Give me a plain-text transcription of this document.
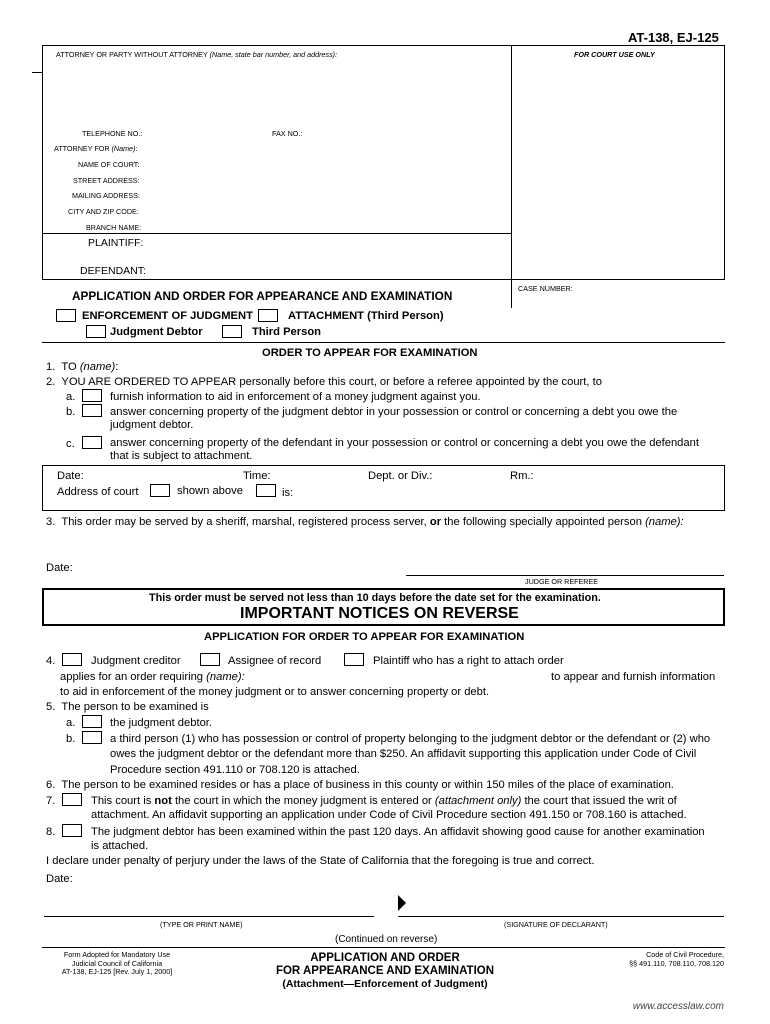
AT-138, EJ-125
ATTORNEY OR PARTY WITHOUT ATTORNEY (Name, state bar number, and address):	FOR COURT USE ONLY
TELEPHONE NO.:	FAX NO.:
ATTORNEY FOR (Name):
NAME OF COURT:
STREET ADDRESS:
MAILING ADDRESS:
CITY AND ZIP CODE:
BRANCH NAME:
PLAINTIFF:
DEFENDANT:
CASE NUMBER:
APPLICATION AND ORDER FOR APPEARANCE AND EXAMINATION
ENFORCEMENT OF JUDGMENT	ATTACHMENT (Third Person)
Judgment Debtor	Third Person
ORDER TO APPEAR FOR EXAMINATION
1. TO (name):
2. YOU ARE ORDERED TO APPEAR personally before this court, or before a referee appointed by the court, to
a.	furnish information to aid in enforcement of a money judgment against you.
b.	answer concerning property of the judgment debtor in your possession or control or concerning a debt you owe the
judgment debtor.
c.	answer concerning property of the defendant in your possession or control or concerning a debt you owe the defendant
that is subject to attachment.
Date:	Time:	Dept. or Div.:	Rm.:
Address of court	shown above	is:
3. This order may be served by a sheriff, marshal, registered process server, or the following specially appointed person (name):
Date:
JUDGE OR REFEREE
This order must be served not less than 10 days before the date set for the examination.
IMPORTANT NOTICES ON REVERSE
APPLICATION FOR ORDER TO APPEAR FOR EXAMINATION
4.	Judgment creditor	Assignee of record	Plaintiff who has a right to attach order
applies for an order requiring (name):	to appear and furnish information
to aid in enforcement of the money judgment or to answer concerning property or debt.
5. The person to be examined is
a.	the judgment debtor.
b.	a third person (1) who has possession or control of property belonging to the judgment debtor or the defendant or (2) who
owes the judgment debtor or the defendant more than $250. An affidavit supporting this application under Code of Civil
Procedure section 491.110 or 708.120 is attached.
6. The person to be examined resides or has a place of business in this county or within 150 miles of the place of examination.
7.	This court is not the court in which the money judgment is entered or (attachment only) the court that issued the writ of
attachment. An affidavit supporting an application under Code of Civil Procedure section 491.150 or 708.160 is attached.
8.	The judgment debtor has been examined within the past 120 days. An affidavit showing good cause for another examination
is attached.
I declare under penalty of perjury under the laws of the State of California that the foregoing is true and correct.
Date:
(TYPE OR PRINT NAME)	(SIGNATURE OF DECLARANT)
(Continued on reverse)
Form Adopted for Mandatory Use
Judicial Council of California
AT-138, EJ-125 [Rev. July 1, 2000]
APPLICATION AND ORDER
FOR APPEARANCE AND EXAMINATION
(Attachment—Enforcement of Judgment)
Code of Civil Procedure,
§§ 491.110, 708.110, 708.120
www.accesslaw.com
